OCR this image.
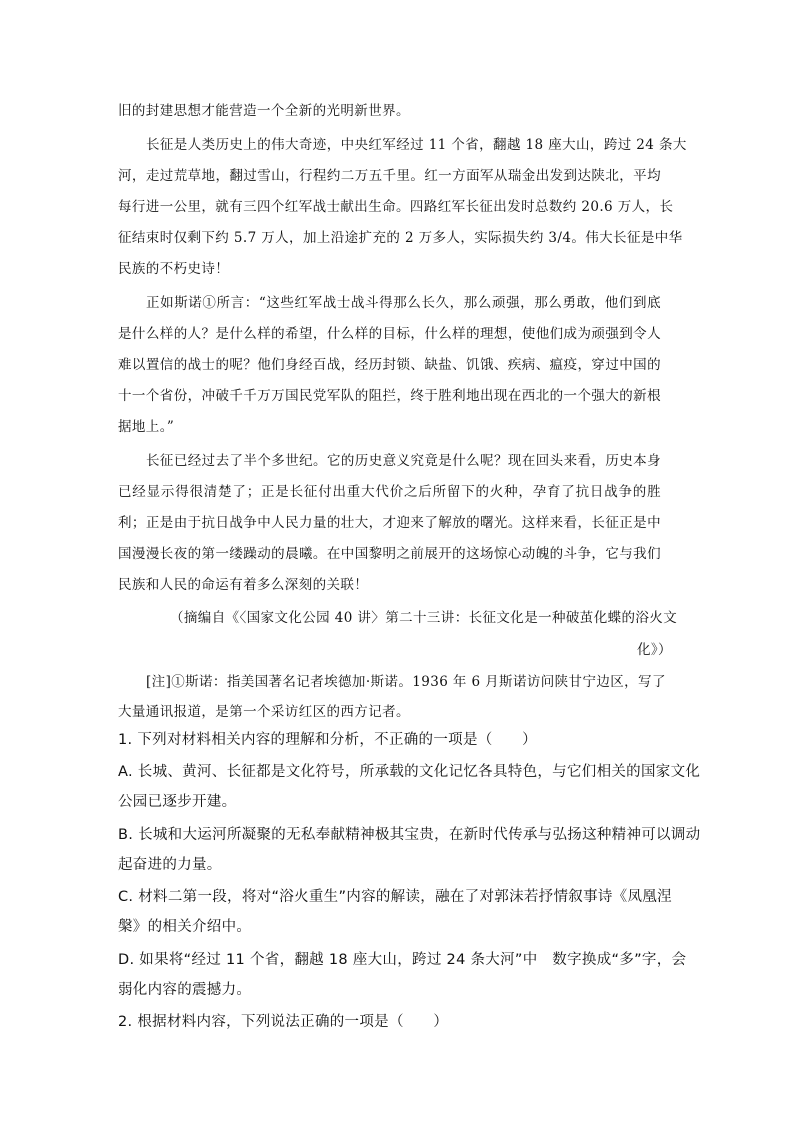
旧的封建思想才能营造一个全新的光明新世界。
长征是人类历史上的伟大奇迹，中央红军经过 11 个省，翻越 18 座大山，跨过 24 条大
河，走过荒草地，翻过雪山，行程约二万五千里。红一方面军从瑞金出发到达陕北，平均
每行进一公里，就有三四个红军战士献出生命。四路红军长征出发时总数约 20.6 万人，长
征结束时仅剩下约 5.7 万人，加上沿途扩充的 2 万多人，实际损失约 3/4。伟大长征是中华
民族的不朽史诗！
正如斯诺①所言：“这些红军战士战斗得那么长久，那么顽强，那么勇敢，他们到底
是什么样的人？是什么样的希望，什么样的目标，什么样的理想，使他们成为顽强到令人
难以置信的战士的呢？他们身经百战，经历封锁、缺盐、饥饿、疾病、瘟疫，穿过中国的
十一个省份，冲破千千万万国民党军队的阻拦，终于胜利地出现在西北的一个强大的新根
据地上。”
长征已经过去了半个多世纪。它的历史意义究竟是什么呢？现在回头来看，历史本身
已经显示得很清楚了；正是长征付出重大代价之后所留下的火种，孕育了抗日战争的胜
利；正是由于抗日战争中人民力量的壮大，才迎来了解放的曙光。这样来看，长征正是中
国漫漫长夜的第一缕躁动的晨曦。在中国黎明之前展开的这场惊心动魄的斗争，它与我们
民族和人民的命运有着多么深刻的关联！
（摘编自《〈国家文化公园 40 讲〉第二十三讲：长征文化是一种破茧化蝶的浴火文
化》）
[注]①斯诺：指美国著名记者埃德加·斯诺。1936 年 6 月斯诺访问陕甘宁边区，写了
大量通讯报道，是第一个采访红区的西方记者。
1. 下列对材料相关内容的理解和分析，不正确的一项是（　　）
A. 长城、黄河、长征都是文化符号，所承载的文化记忆各具特色，与它们相关的国家文化
公园已逐步开建。
B. 长城和大运河所凝聚的无私奉献精神极其宝贵，在新时代传承与弘扬这种精神可以调动
起奋进的力量。
C. 材料二第一段，将对“浴火重生”内容的解读，融在了对郭沫若抒情叙事诗《凤凰涅
槃》的相关介绍中。
D. 如果将“经过 11 个省，翻越 18 座大山，跨过 24 条大河”中　数字换成“多”字，会
弱化内容的震撼力。
2. 根据材料内容，下列说法正确的一项是（　　）
